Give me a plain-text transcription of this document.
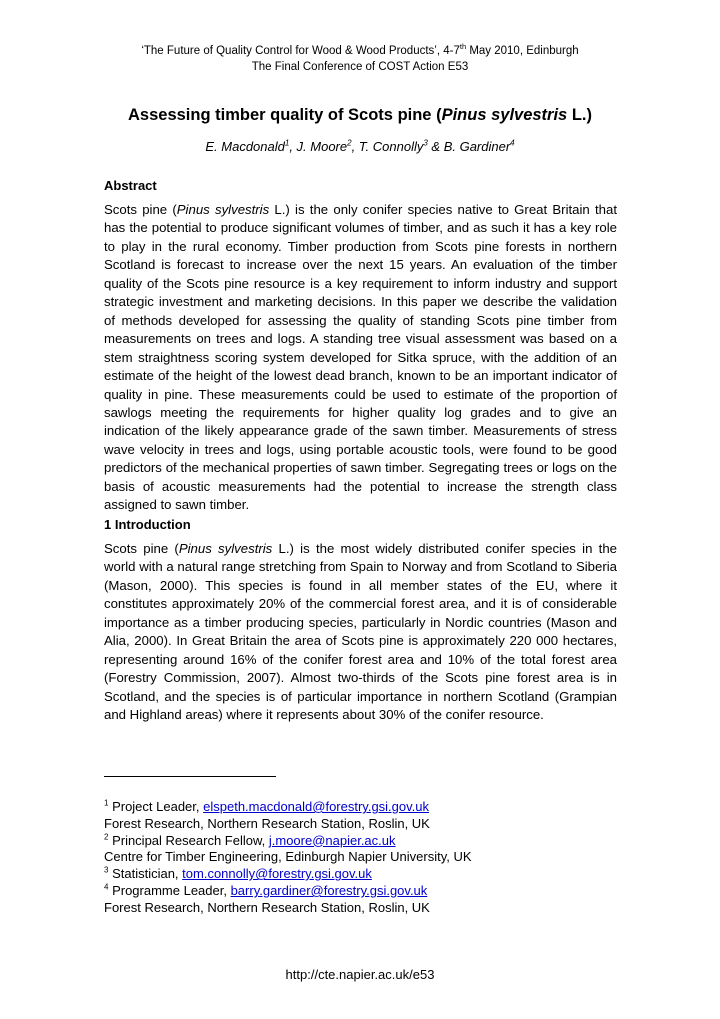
‘The Future of Quality Control for Wood & Wood Products’, 4-7th May 2010, Edinburgh
The Final Conference of COST Action E53
Assessing timber quality of Scots pine (Pinus sylvestris L.)
E. Macdonald$^1$, J. Moore$^2$, T. Connolly$^3$ & B. Gardiner$^4$
Abstract

Scots pine (Pinus sylvestris L.) is the only conifer species native to Great Britain that has the potential to produce significant volumes of timber, and as such it has a key role to play in the rural economy. Timber production from Scots pine forests in northern Scotland is forecast to increase over the next 15 years. An evaluation of the timber quality of the Scots pine resource is a key requirement to inform industry and support strategic investment and marketing decisions. In this paper we describe the validation of methods developed for assessing the quality of standing Scots pine timber from measurements on trees and logs. A standing tree visual assessment was based on a stem straightness scoring system developed for Sitka spruce, with the addition of an estimate of the height of the lowest dead branch, known to be an important indicator of quality in pine. These measurements could be used to estimate of the proportion of sawlogs meeting the requirements for higher quality log grades and to give an indication of the likely appearance grade of the sawn timber. Measurements of stress wave velocity in trees and logs, using portable acoustic tools, were found to be good predictors of the mechanical properties of sawn timber. Segregating trees or logs on the basis of acoustic measurements had the potential to increase the strength class assigned to sawn timber.

1 Introduction

Scots pine (Pinus sylvestris L.) is the most widely distributed conifer species in the world with a natural range stretching from Spain to Norway and from Scotland to Siberia (Mason, 2000). This species is found in all member states of the EU, where it constitutes approximately 20% of the commercial forest area, and it is of considerable importance as a timber producing species, particularly in Nordic countries (Mason and Alia, 2000). In Great Britain the area of Scots pine is approximately 220 000 hectares, representing around 16% of the conifer forest area and 10% of the total forest area (Forestry Commission, 2007). Almost two-thirds of the Scots pine forest area is in Scotland, and the species is of particular importance in northern Scotland (Grampian and Highland areas) where it represents about 30% of the conifer resource.

$^1$ Project Leader, elspeth.macdonald@forestry.gsi.gov.uk
Forest Research, Northern Research Station, Roslin, UK
$^2$ Principal Research Fellow, j.moore@napier.ac.uk
Centre for Timber Engineering, Edinburgh Napier University, UK
$^3$ Statistician, tom.connolly@forestry.gsi.gov.uk
$^4$ Programme Leader, barry.gardiner@forestry.gsi.gov.uk
Forest Research, Northern Research Station, Roslin, UK
http://cte.napier.ac.uk/e53
